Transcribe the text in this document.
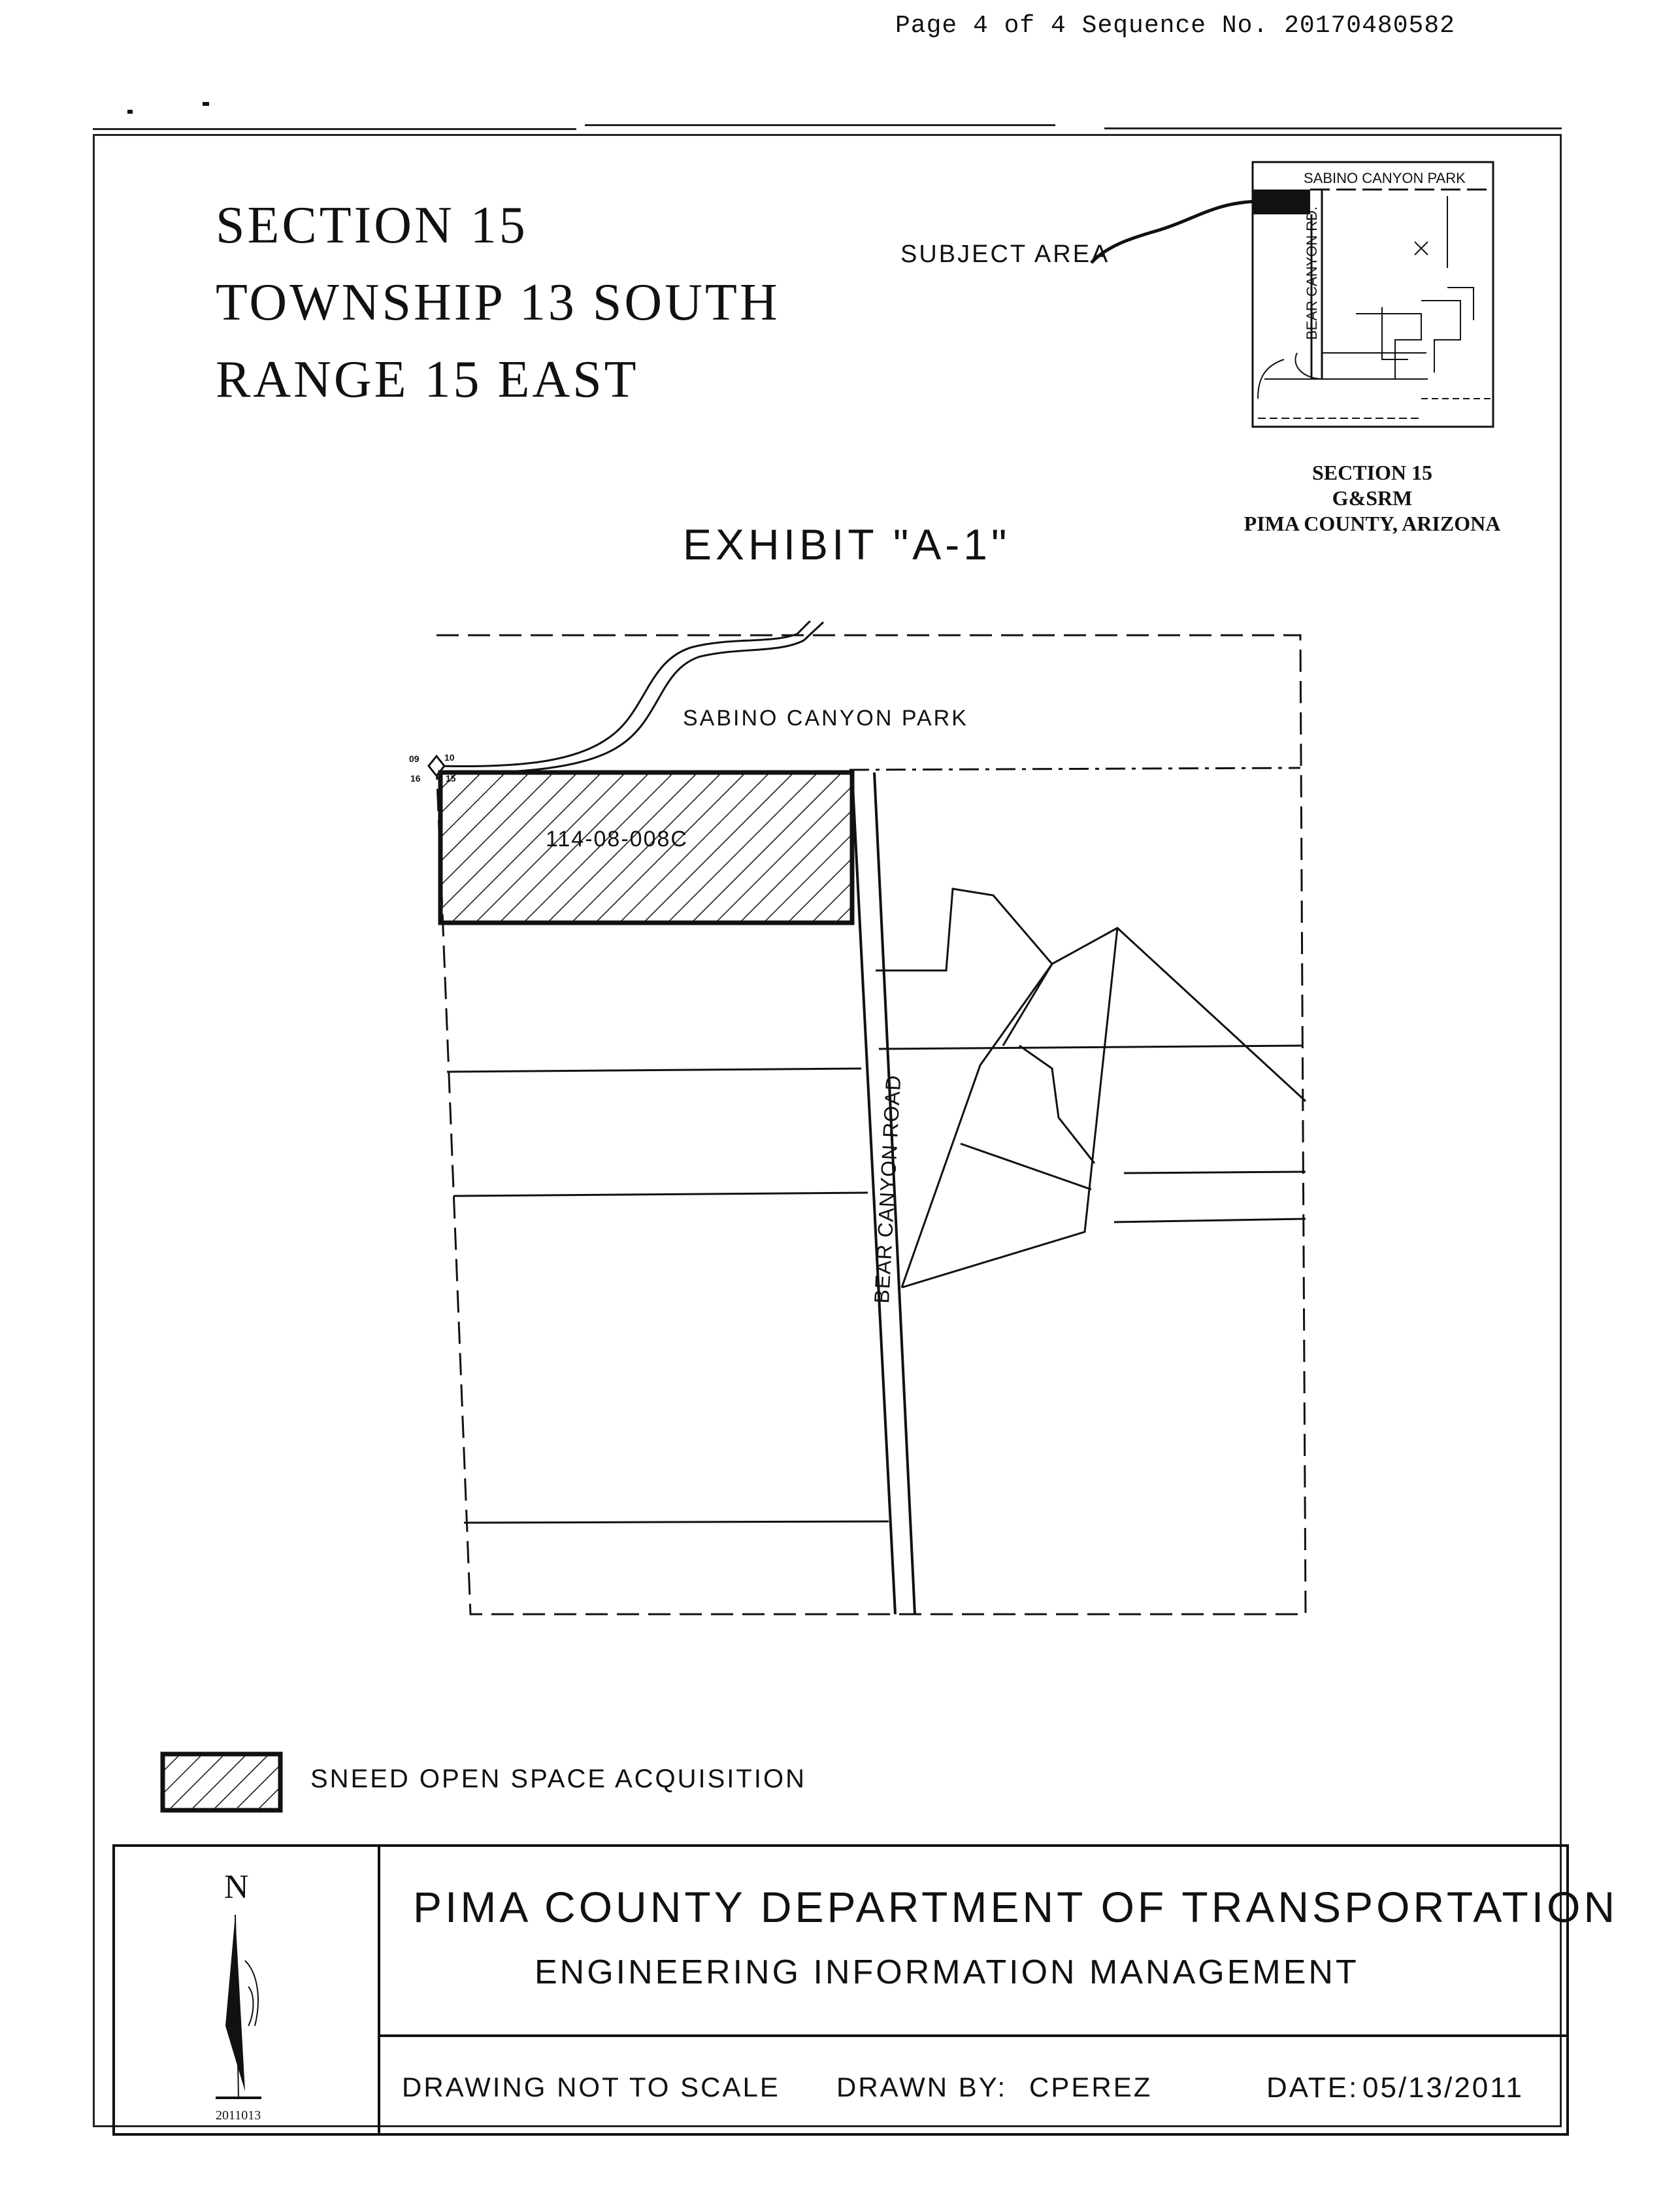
Page 4 of 4 Sequence No. 20170480582
SECTION 15
TOWNSHIP 13 SOUTH
RANGE 15 EAST
SUBJECT AREA
SABINO CANYON PARK
BEAR CANYON RD.
SECTION 15
G&SRM
PIMA COUNTY, ARIZONA
EXHIBIT "A-1"
SABINO CANYON PARK
114-08-008C
BEAR CANYON ROAD
09	10
16	15
SNEED OPEN SPACE ACQUISITION
N
2011013
PIMA COUNTY DEPARTMENT OF TRANSPORTATION
ENGINEERING INFORMATION MANAGEMENT
DRAWING NOT TO SCALE DRAWN BY: CPEREZ	DATE: 05/13/2011
